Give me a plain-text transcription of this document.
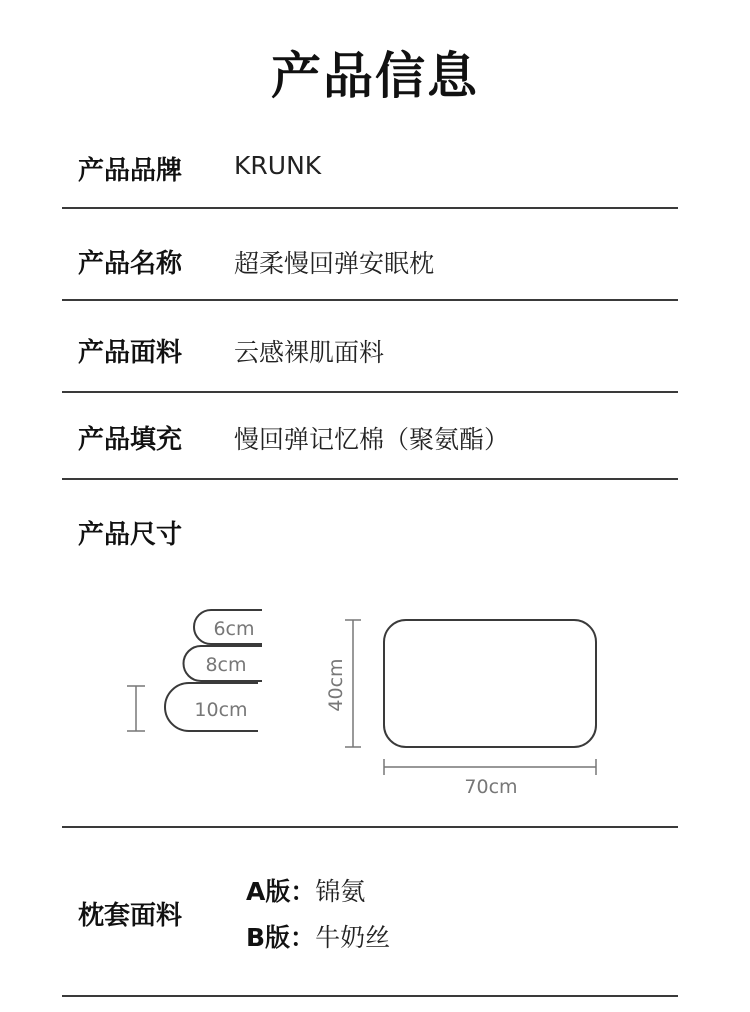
产品信息
产品品牌 KRUNK
产品名称 超柔慢回弹安眠枕
产品面料 云感裸肌面料
产品填充 慢回弹记忆棉（聚氨酯）
产品尺寸
6cm
8cm
10cm	40cm
70cm
枕套面料
A版：锦氨
B版：牛奶丝
